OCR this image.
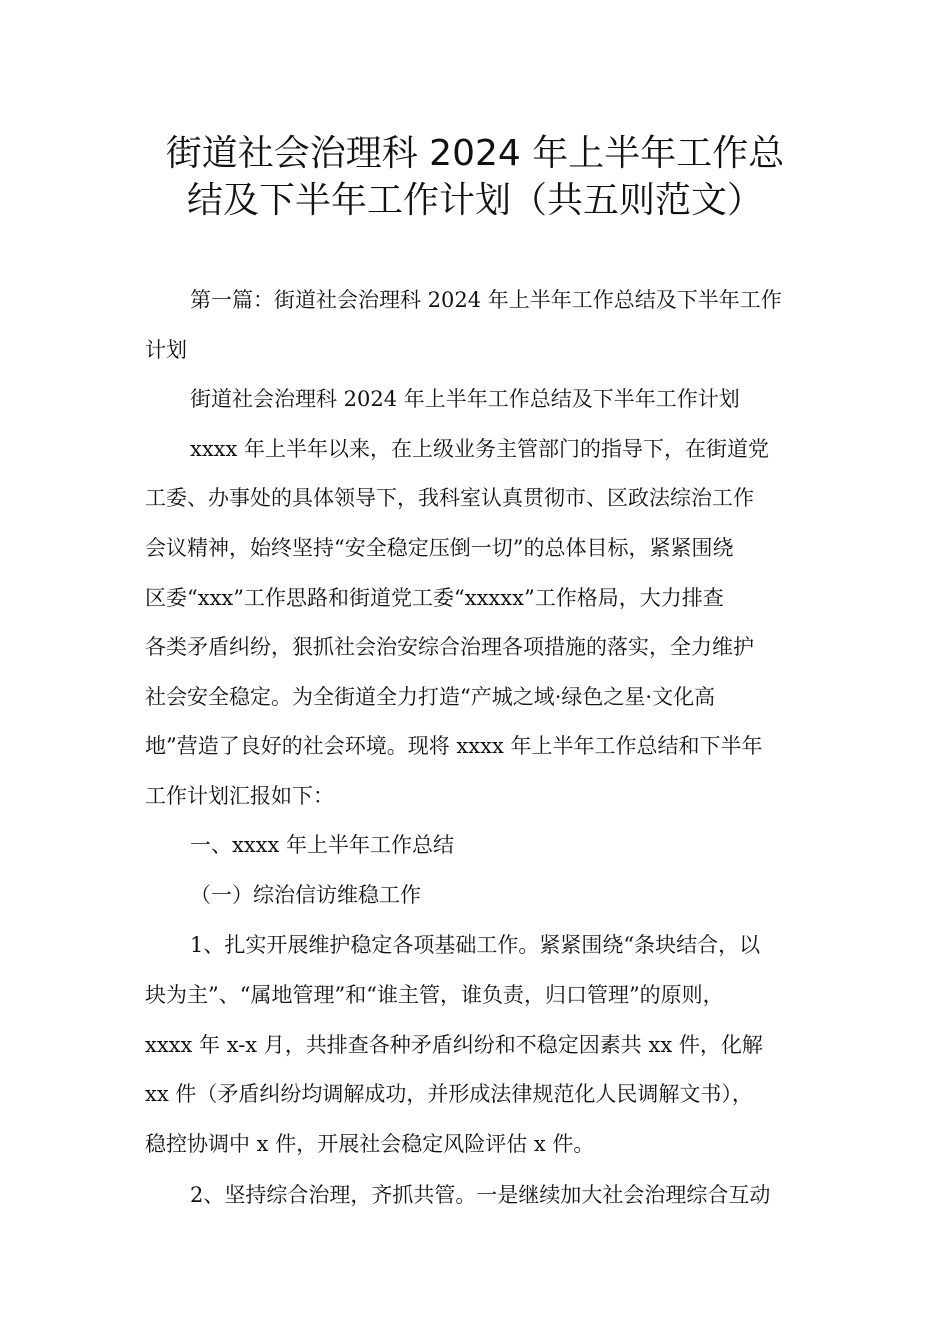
街道社会治理科 2024 年上半年工作总
结及下半年工作计划（共五则范文）
第一篇：街道社会治理科 2024 年上半年工作总结及下半年工作
计划
街道社会治理科 2024 年上半年工作总结及下半年工作计划
xxxx 年上半年以来，在上级业务主管部门的指导下，在街道党
工委、办事处的具体领导下，我科室认真贯彻市、区政法综治工作
会议精神，始终坚持“安全稳定压倒一切”的总体目标，紧紧围绕
区委“xxx”工作思路和街道党工委“xxxxx”工作格局，大力排查
各类矛盾纠纷，狠抓社会治安综合治理各项措施的落实，全力维护
社会安全稳定。为全街道全力打造“产城之域·绿色之星·文化高
地”营造了良好的社会环境。现将 xxxx 年上半年工作总结和下半年
工作计划汇报如下：
一、xxxx 年上半年工作总结
（一）综治信访维稳工作
1、扎实开展维护稳定各项基础工作。紧紧围绕“条块结合，以
块为主”、“属地管理”和“谁主管，谁负责，归口管理”的原则，
xxxx 年 x-x 月，共排查各种矛盾纠纷和不稳定因素共 xx 件，化解
xx 件（矛盾纠纷均调解成功，并形成法律规范化人民调解文书），
稳控协调中 x 件，开展社会稳定风险评估 x 件。
2、坚持综合治理，齐抓共管。一是继续加大社会治理综合互动
